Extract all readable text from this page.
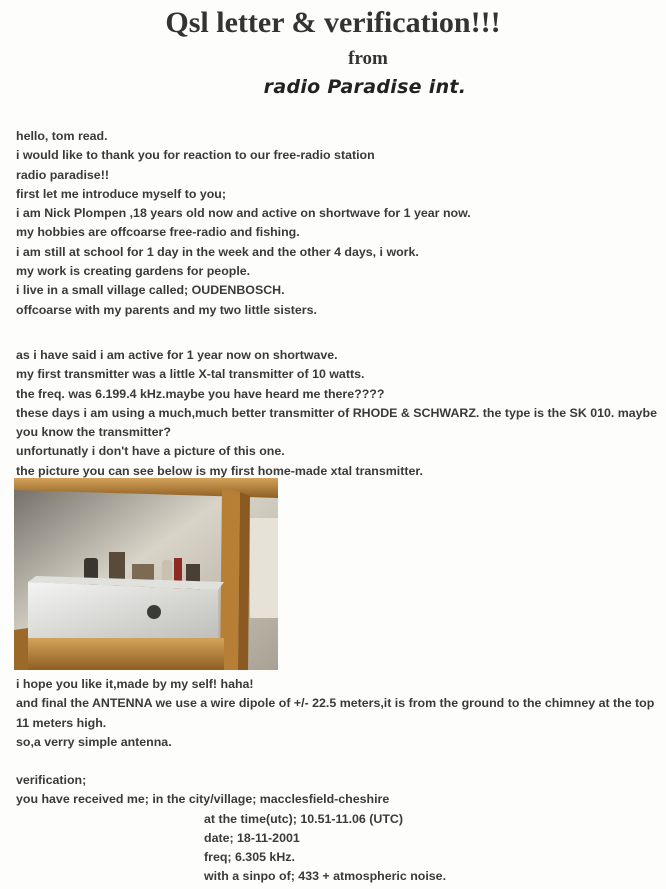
Qsl letter & verification!!!
from
radio Paradise int.
hello, tom read.
i would like to thank you for reaction to our free-radio station
radio paradise!!
first let me introduce myself to you;
i am Nick Plompen ,18 years old now and active on shortwave for 1 year now.
my hobbies are offcoarse free-radio and fishing.
i am still at school for 1 day in the week and the other 4 days, i work.
my work is creating gardens for people.
i live in a small village called; OUDENBOSCH.
offcoarse with my parents and my two little sisters.
as i have said i am active for 1 year now on shortwave.
my first transmitter was a little X-tal transmitter of 10 watts.
the freq. was 6.199.4 kHz.maybe you have heard me there????
these days i am using a much,much better transmitter of RHODE & SCHWARZ. the type is the SK 010. maybe you know the transmitter?
unfortunatly i don't have a picture of this one.
the picture you can see below is my first home-made xtal transmitter.
i hope you like it,made by my self! haha!
and final the ANTENNA we use a wire dipole of +/- 22.5 meters,it is from the ground to the chimney at the top 11 meters high.
so,a verry simple antenna.
verification;
you have received me; in the city/village; macclesfield-cheshire
at the time(utc); 10.51-11.06 (UTC)
date; 18-11-2001
freq; 6.305 kHz.
with a sinpo of; 433 + atmospheric noise.
